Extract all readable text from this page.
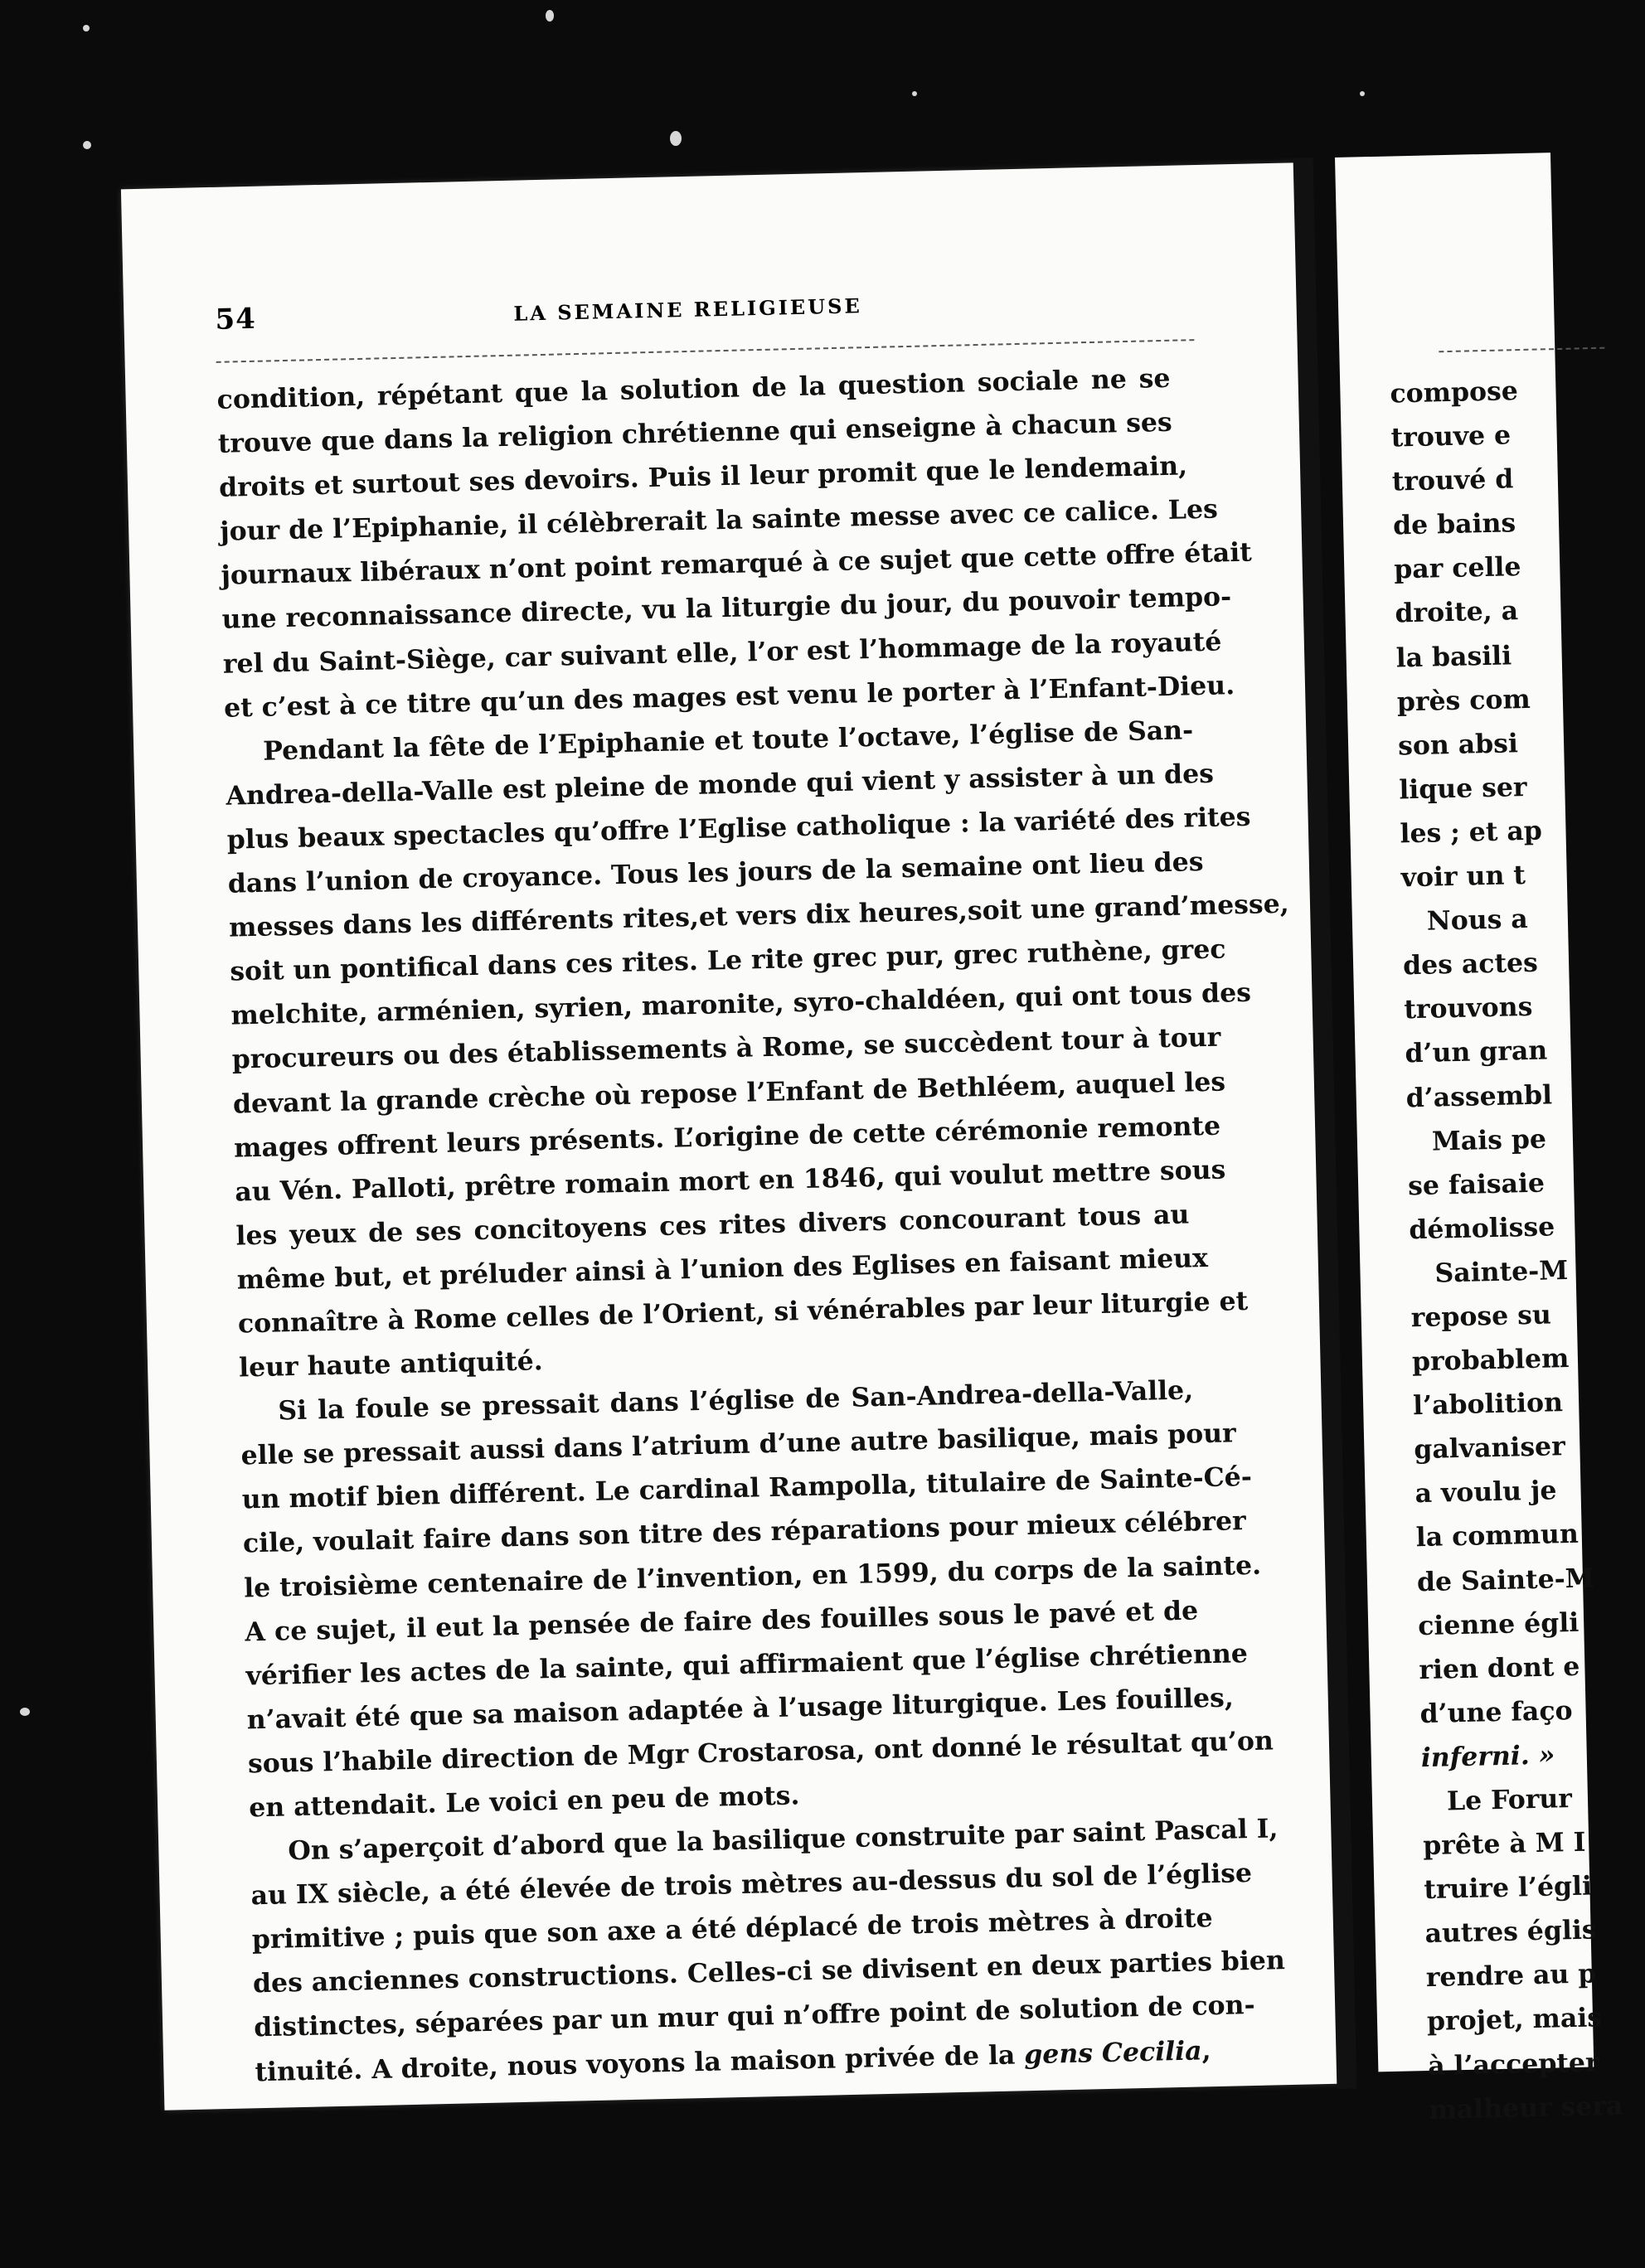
54	LA SEMAINE RELIGIEUSE
condition, répétant que la solution de la question sociale ne se
trouve que dans la religion chrétienne qui enseigne à chacun ses
droits et surtout ses devoirs. Puis il leur promit que le lendemain,
jour de l’Epiphanie, il célèbrerait la sainte messe avec ce calice. Les
journaux libéraux n’ont point remarqué à ce sujet que cette offre était
une reconnaissance directe, vu la liturgie du jour, du pouvoir tempo-
rel du Saint-Siège, car suivant elle, l’or est l’hommage de la royauté
et c’est à ce titre qu’un des mages est venu le porter à l’Enfant-Dieu.
Pendant la fête de l’Epiphanie et toute l’octave, l’église de San-
Andrea-della-Valle est pleine de monde qui vient y assister à un des
plus beaux spectacles qu’offre l’Eglise catholique : la variété des rites
dans l’union de croyance. Tous les jours de la semaine ont lieu des
messes dans les différents rites,et vers dix heures,soit une grand’messe,
soit un pontifical dans ces rites. Le rite grec pur, grec ruthène, grec
melchite, arménien, syrien, maronite, syro-chaldéen, qui ont tous des
procureurs ou des établissements à Rome, se succèdent tour à tour
devant la grande crèche où repose l’Enfant de Bethléem, auquel les
mages offrent leurs présents. L’origine de cette cérémonie remonte
au Vén. Palloti, prêtre romain mort en 1846, qui voulut mettre sous
les yeux de ses concitoyens ces rites divers concourant tous au
même but, et préluder ainsi à l’union des Eglises en faisant mieux
connaître à Rome celles de l’Orient, si vénérables par leur liturgie et
leur haute antiquité.
Si la foule se pressait dans l’église de San-Andrea-della-Valle,
elle se pressait aussi dans l’atrium d’une autre basilique, mais pour
un motif bien différent. Le cardinal Rampolla, titulaire de Sainte-Cé-
cile, voulait faire dans son titre des réparations pour mieux célébrer
le troisième centenaire de l’invention, en 1599, du corps de la sainte.
A ce sujet, il eut la pensée de faire des fouilles sous le pavé et de
vérifier les actes de la sainte, qui affirmaient que l’église chrétienne
n’avait été que sa maison adaptée à l’usage liturgique. Les fouilles,
sous l’habile direction de Mgr Crostarosa, ont donné le résultat qu’on
en attendait. Le voici en peu de mots.
On s’aperçoit d’abord que la basilique construite par saint Pascal I,
au IX siècle, a été élevée de trois mètres au-dessus du sol de l’église
primitive ; puis que son axe a été déplacé de trois mètres à droite
des anciennes constructions. Celles-ci se divisent en deux parties bien
distinctes, séparées par un mur qui n’offre point de solution de con-
tinuité. A droite, nous voyons la maison privée de la gens Cecilia,
compose
trouve e
trouvé d
de bains
par celle
droite, a
la basili
près com
son absi
lique ser
les ; et ap
voir un t
Nous a
des actes
trouvons
d’un gran
d’assembl
Mais pe
se faisaie
démolisse
Sainte-M
repose su
probablem
l’abolition
galvaniser
a voulu je
la commun
de Sainte-M
cienne égli
rien dont e
d’une faço
inferni. »
Le Forur
prête à M I
truire l’égli
autres églis
rendre au p
projet, mais
à l’accepter
malheur sera
